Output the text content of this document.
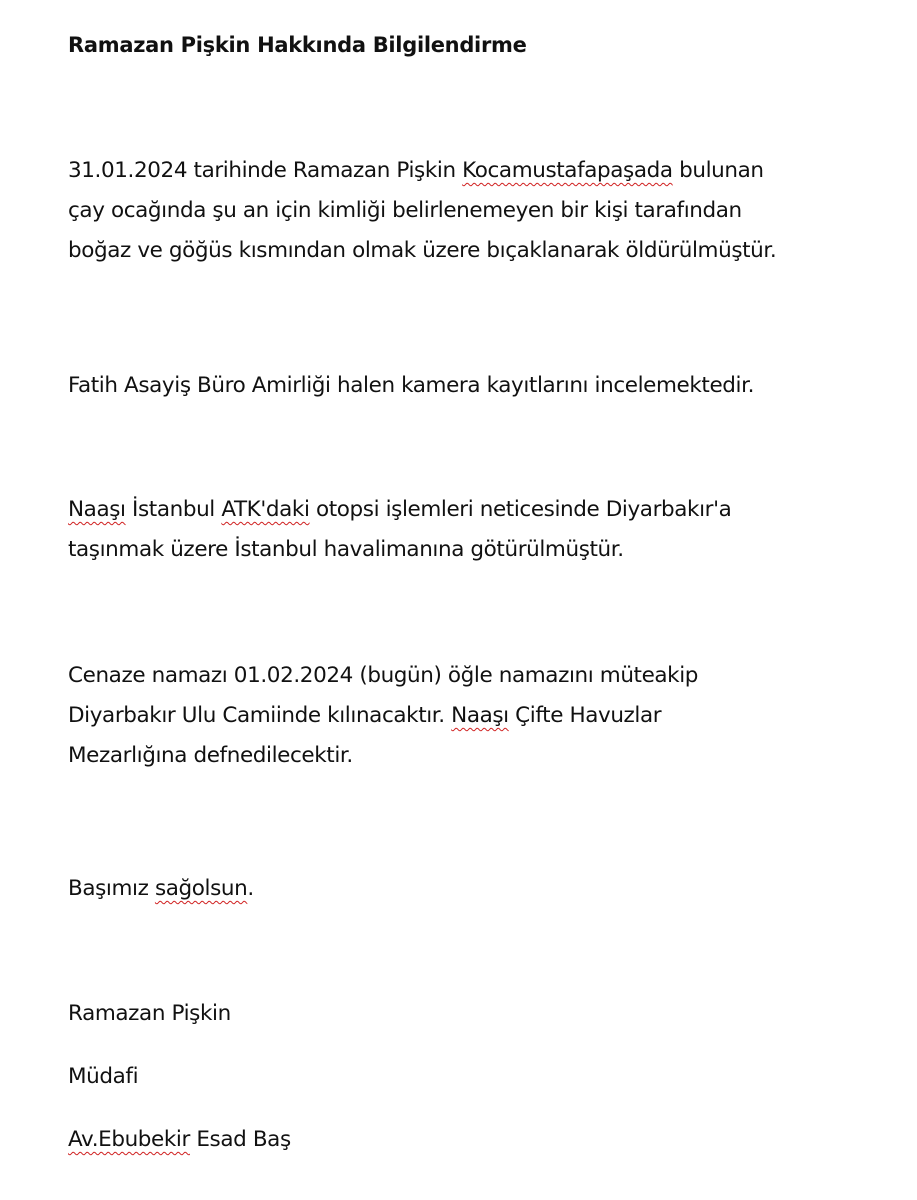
Ramazan Pişkin Hakkında Bilgilendirme
31.01.2024 tarihinde Ramazan Pişkin Kocamustafapaşada bulunan
çay ocağında şu an için kimliği belirlenemeyen bir kişi tarafından
boğaz ve göğüs kısmından olmak üzere bıçaklanarak öldürülmüştür.
Fatih Asayiş Büro Amirliği halen kamera kayıtlarını incelemektedir.
Naaşı İstanbul ATK'daki otopsi işlemleri neticesinde Diyarbakır'a
taşınmak üzere İstanbul havalimanına götürülmüştür.
Cenaze namazı 01.02.2024 (bugün) öğle namazını müteakip
Diyarbakır Ulu Camiinde kılınacaktır. Naaşı Çifte Havuzlar
Mezarlığına defnedilecektir.
Başımız sağolsun.
Ramazan Pişkin
Müdafi
Av.Ebubekir Esad Baş
